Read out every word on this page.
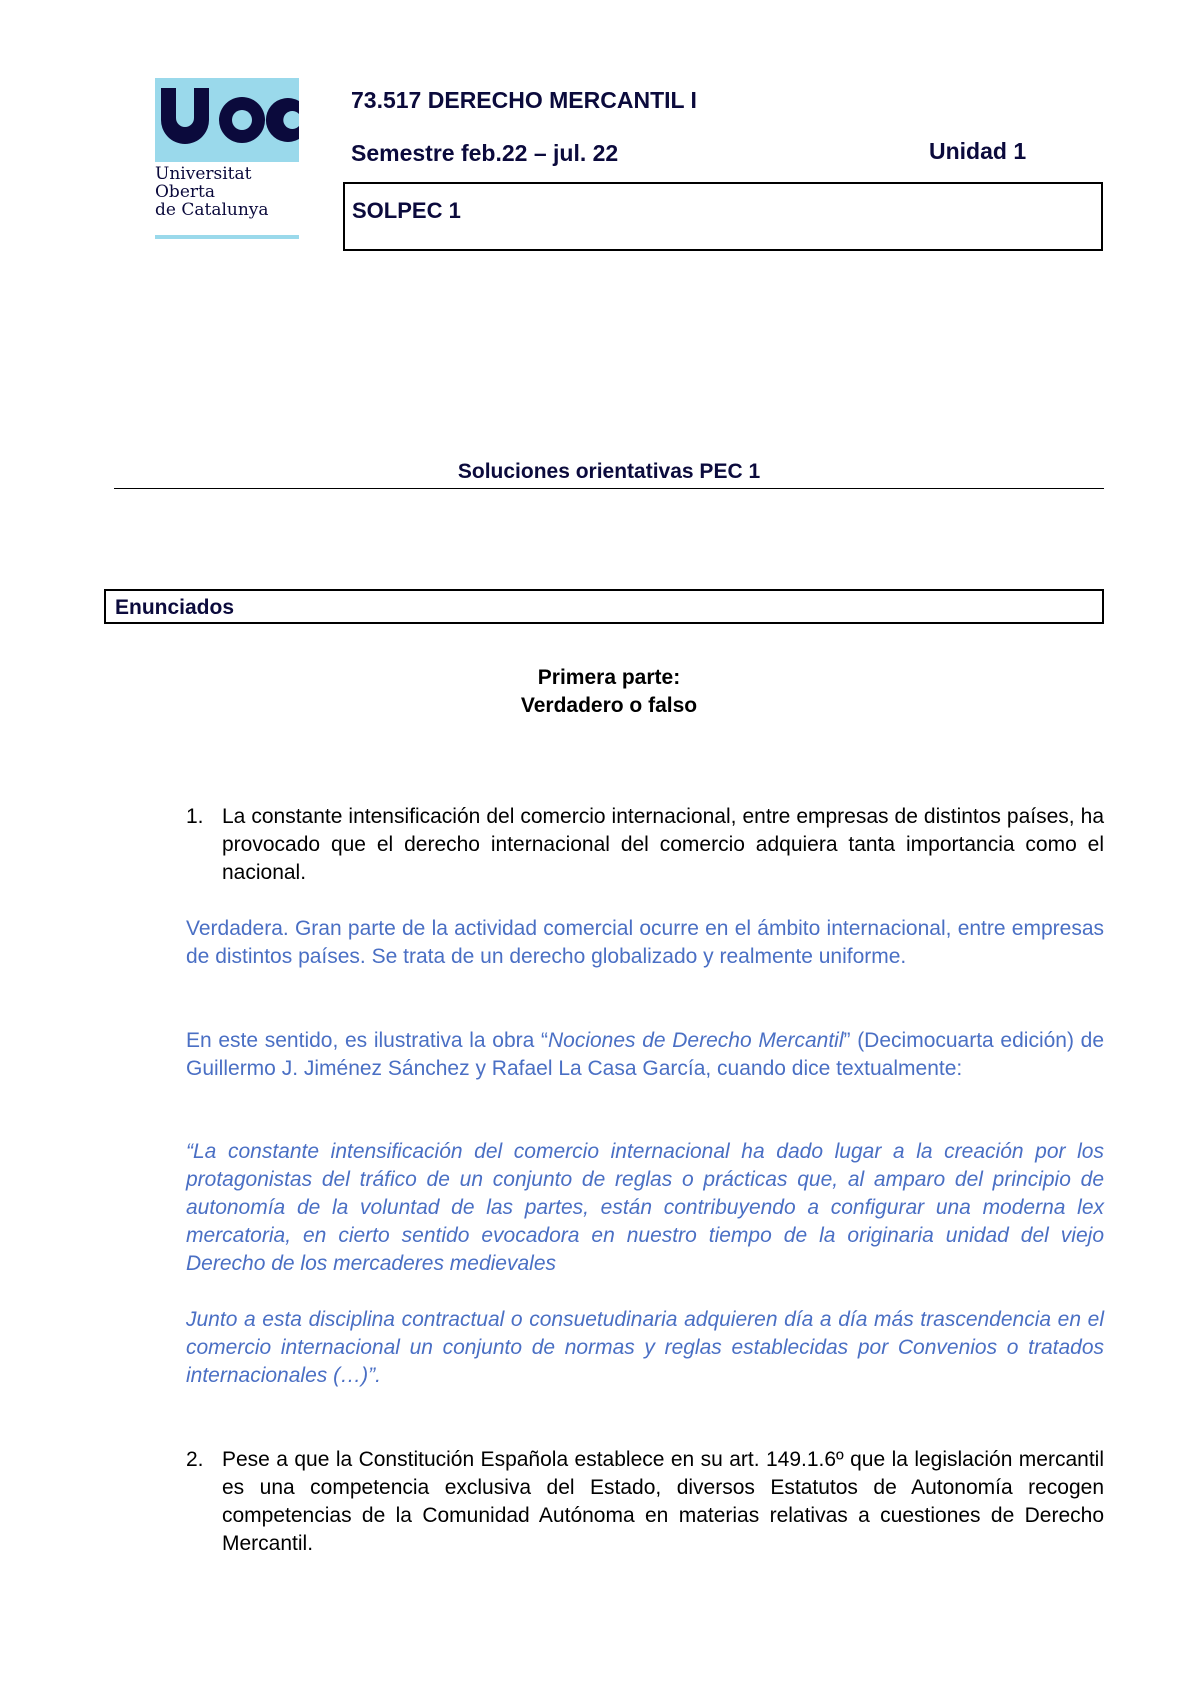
Universitat
Oberta
de Catalunya
73.517 DERECHO MERCANTIL I
Semestre feb.22 – jul. 22	Unidad 1
SOLPEC 1
Soluciones orientativas PEC 1
Enunciados
Primera parte:
Verdadero o falso
1. La constante intensificación del comercio internacional, entre empresas de distintos países, ha provocado que el derecho internacional del comercio adquiera tanta importancia como el nacional.
Verdadera. Gran parte de la actividad comercial ocurre en el ámbito internacional, entre empresas de distintos países. Se trata de un derecho globalizado y realmente uniforme.
En este sentido, es ilustrativa la obra “Nociones de Derecho Mercantil” (Decimocuarta edición) de Guillermo J. Jiménez Sánchez y Rafael La Casa García, cuando dice textualmente:
“La constante intensificación del comercio internacional ha dado lugar a la creación por los protagonistas del tráfico de un conjunto de reglas o prácticas que, al amparo del principio de autonomía de la voluntad de las partes, están contribuyendo a configurar una moderna lex mercatoria, en cierto sentido evocadora en nuestro tiempo de la originaria unidad del viejo Derecho de los mercaderes medievales
Junto a esta disciplina contractual o consuetudinaria adquieren día a día más trascendencia en el comercio internacional un conjunto de normas y reglas establecidas por Convenios o tratados internacionales (…)”.
2. Pese a que la Constitución Española establece en su art. 149.1.6º que la legislación mercantil es una competencia exclusiva del Estado, diversos Estatutos de Autonomía recogen competencias de la Comunidad Autónoma en materias relativas a cuestiones de Derecho Mercantil.
